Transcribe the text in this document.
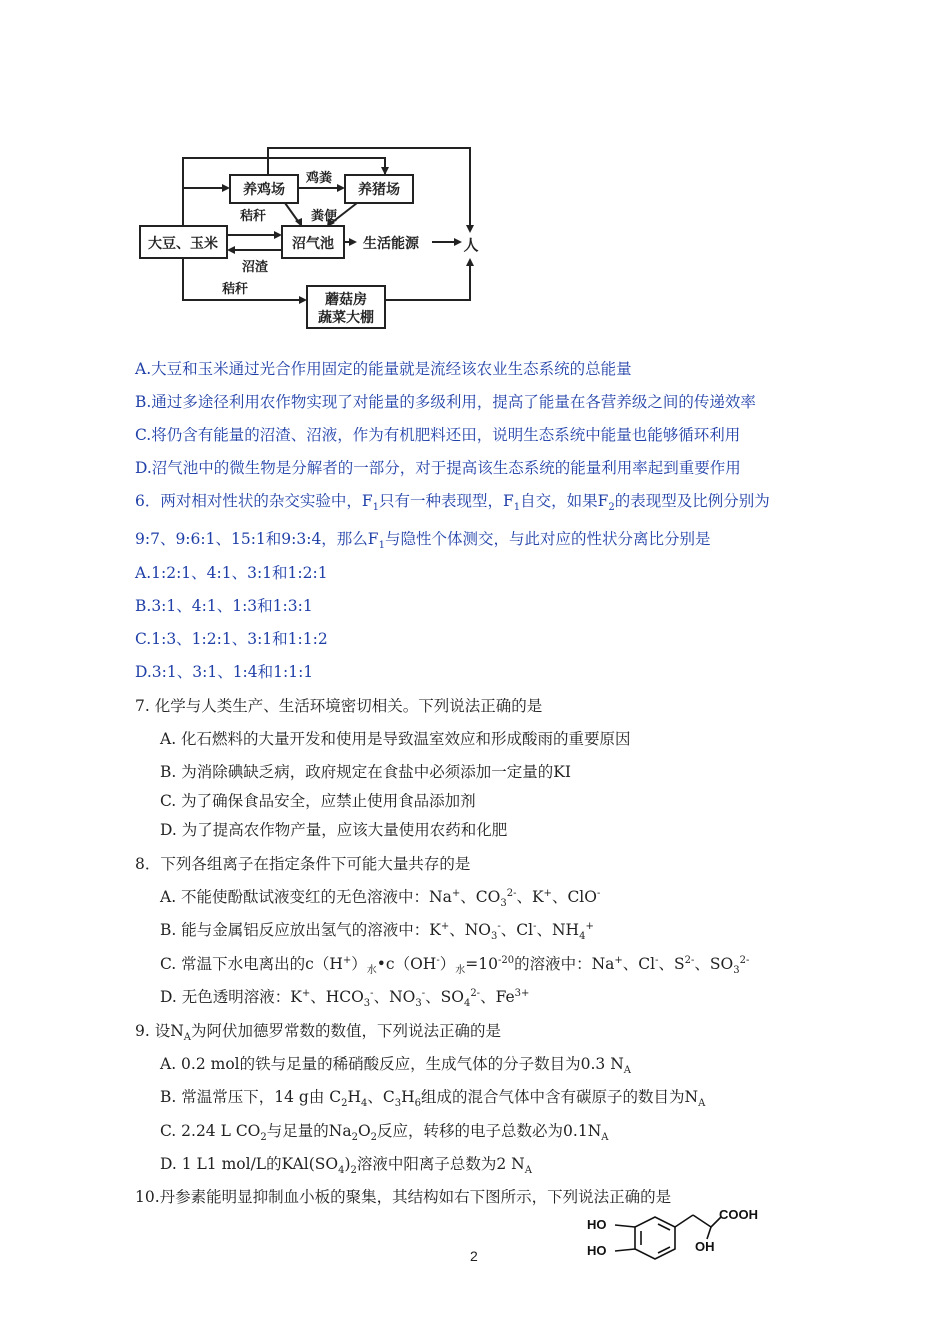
养鸡场	养猪场
大豆、玉米	沼气池
蘑菇房
蔬菜大棚
生活能源	人
鸡粪
秸秆	粪便
沼渣
秸秆
A.大豆和玉米通过光合作用固定的能量就是流经该农业生态系统的总能量
B.通过多途径利用农作物实现了对能量的多级利用，提高了能量在各营养级之间的传递效率
C.将仍含有能量的沼渣、沼液，作为有机肥料还田，说明生态系统中能量也能够循环利用
D.沼气池中的微生物是分解者的一部分，对于提高该生态系统的能量利用率起到重要作用
6．两对相对性状的杂交实验中，$F_1$只有一种表现型，$F_1$自交，如果$F_2$的表现型及比例分别为
9:7、9:6:1、15:1和9:3:4，那么$F_1$与隐性个体测交，与此对应的性状分离比分别是
A.1:2:1、4:1、3:1和1:2:1
B.3:1、4:1、1:3和1:3:1
C.1:3、1:2:1、3:1和1:1:2
D.3:1、3:1、1:4和1:1:1
7. 化学与人类生产、生活环境密切相关。下列说法正确的是
A. 化石燃料的大量开发和使用是导致温室效应和形成酸雨的重要原因
B. 为消除碘缺乏病，政府规定在食盐中必须添加一定量的KI
C. 为了确保食品安全，应禁止使用食品添加剂
D. 为了提高农作物产量，应该大量使用农药和化肥
8．下列各组离子在指定条件下可能大量共存的是
A. 不能使酚酞试液变红的无色溶液中：Na+、$CO_3^{2-}$、K+、ClO-
B. 能与金属铝反应放出氢气的溶液中：K+、$NO_3^-$、Cl-、$NH_4^+$
C. 常温下水电离出的$c(H^+)_水•c(OH^-)_水=10^{-20}$的溶液中：Na+、Cl-、$S^{2-}$、$SO_3^{2-}$
D. 无色透明溶液：K+、$HCO_3^-$、$NO_3^-$、$SO_4^{2-}$、$Fe^{3+}$
9. 设$N_A$为阿伏加德罗常数的数值，下列说法正确的是
A. 0.2 mol的铁与足量的稀硝酸反应，生成气体的分子数目为0.3 $N_A$
B. 常温常压下，14 g由 $C_2H_4$、$C_3H_6$组成的混合气体中含有碳原子的数目为$N_A$
C. 2.24 L $CO_2$与足量的$Na_2O_2$反应，转移的电子总数必为$0.1N_A$
D. 1 L1 mol/L的$KAl(SO_4)_2$溶液中阳离子总数为2 $N_A$
10.丹参素能明显抑制血小板的聚集，其结构如右下图所示，下列说法正确的是
HO
HO
COOH
OH
2
